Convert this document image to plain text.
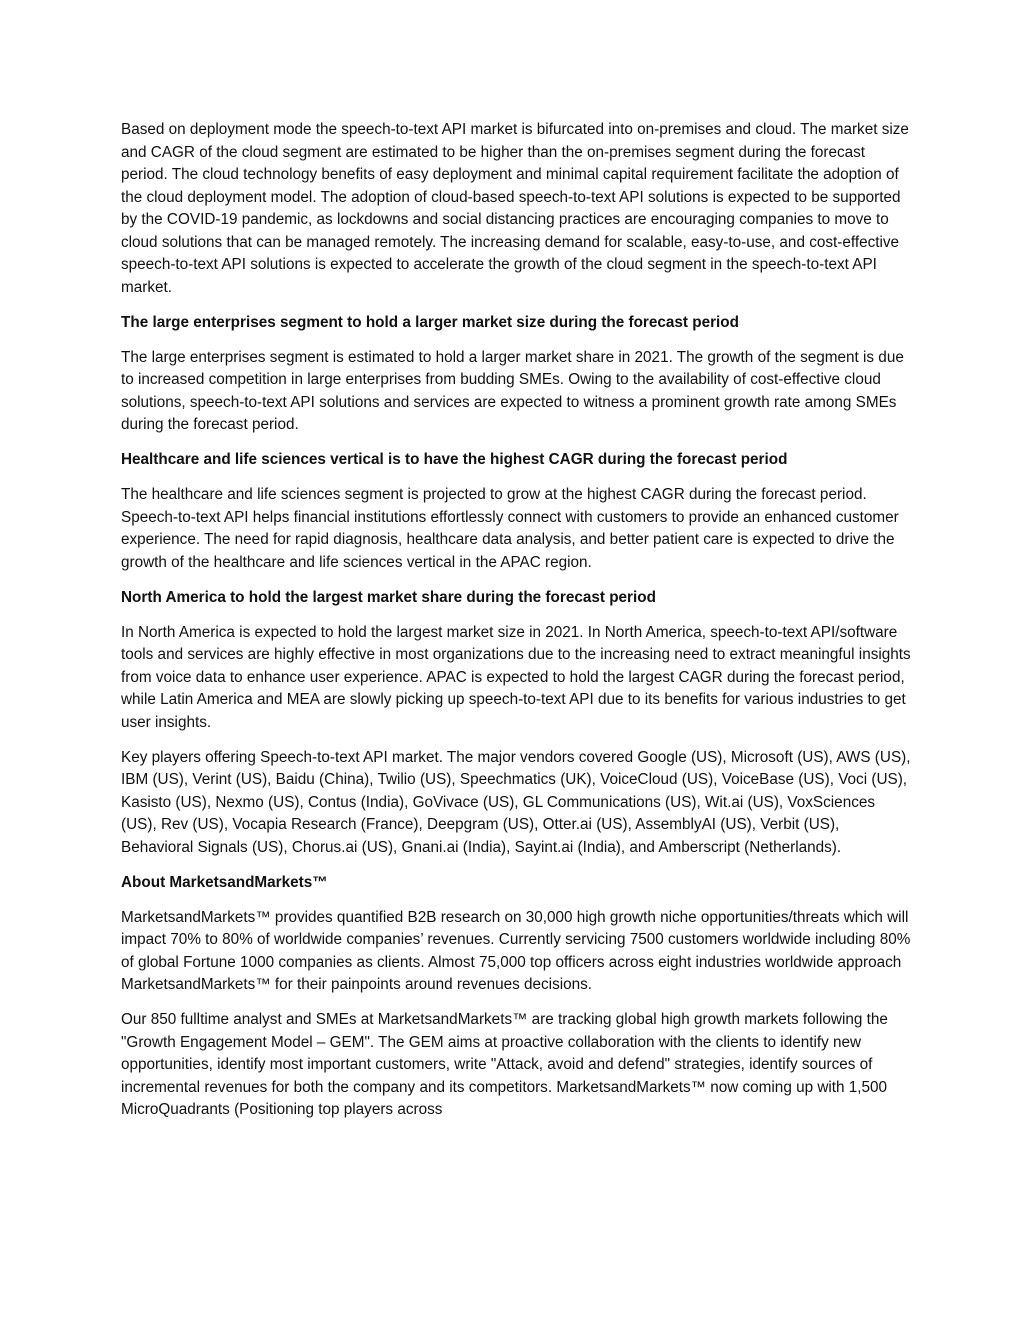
Based on deployment mode the speech-to-text API market is bifurcated into on-premises and cloud. The market size and CAGR of the cloud segment are estimated to be higher than the on-premises segment during the forecast period. The cloud technology benefits of easy deployment and minimal capital requirement facilitate the adoption of the cloud deployment model. The adoption of cloud-based speech-to-text API solutions is expected to be supported by the COVID-19 pandemic, as lockdowns and social distancing practices are encouraging companies to move to cloud solutions that can be managed remotely. The increasing demand for scalable, easy-to-use, and cost-effective speech-to-text API solutions is expected to accelerate the growth of the cloud segment in the speech-to-text API market.

The large enterprises segment to hold a larger market size during the forecast period

The large enterprises segment is estimated to hold a larger market share in 2021. The growth of the segment is due to increased competition in large enterprises from budding SMEs. Owing to the availability of cost-effective cloud solutions, speech-to-text API solutions and services are expected to witness a prominent growth rate among SMEs during the forecast period.

Healthcare and life sciences vertical is to have the highest CAGR during the forecast period

The healthcare and life sciences segment is projected to grow at the highest CAGR during the forecast period. Speech-to-text API helps financial institutions effortlessly connect with customers to provide an enhanced customer experience. The need for rapid diagnosis, healthcare data analysis, and better patient care is expected to drive the growth of the healthcare and life sciences vertical in the APAC region.

North America to hold the largest market share during the forecast period

In North America is expected to hold the largest market size in 2021. In North America, speech-to-text API/software tools and services are highly effective in most organizations due to the increasing need to extract meaningful insights from voice data to enhance user experience. APAC is expected to hold the largest CAGR during the forecast period, while Latin America and MEA are slowly picking up speech-to-text API due to its benefits for various industries to get user insights.

Key players offering Speech-to-text API market. The major vendors covered Google (US), Microsoft (US), AWS (US), IBM (US), Verint (US), Baidu (China), Twilio (US), Speechmatics (UK), VoiceCloud (US), VoiceBase (US), Voci (US), Kasisto (US), Nexmo (US), Contus (India), GoVivace (US), GL Communications (US), Wit.ai (US), VoxSciences (US), Rev (US), Vocapia Research (France), Deepgram (US), Otter.ai (US), AssemblyAI (US), Verbit (US), Behavioral Signals (US), Chorus.ai (US), Gnani.ai (India), Sayint.ai (India), and Amberscript (Netherlands).

About MarketsandMarkets™

MarketsandMarkets™ provides quantified B2B research on 30,000 high growth niche opportunities/threats which will impact 70% to 80% of worldwide companies’ revenues. Currently servicing 7500 customers worldwide including 80% of global Fortune 1000 companies as clients. Almost 75,000 top officers across eight industries worldwide approach MarketsandMarkets™ for their painpoints around revenues decisions.

Our 850 fulltime analyst and SMEs at MarketsandMarkets™ are tracking global high growth markets following the "Growth Engagement Model – GEM". The GEM aims at proactive collaboration with the clients to identify new opportunities, identify most important customers, write "Attack, avoid and defend" strategies, identify sources of incremental revenues for both the company and its competitors. MarketsandMarkets™ now coming up with 1,500 MicroQuadrants (Positioning top players across
